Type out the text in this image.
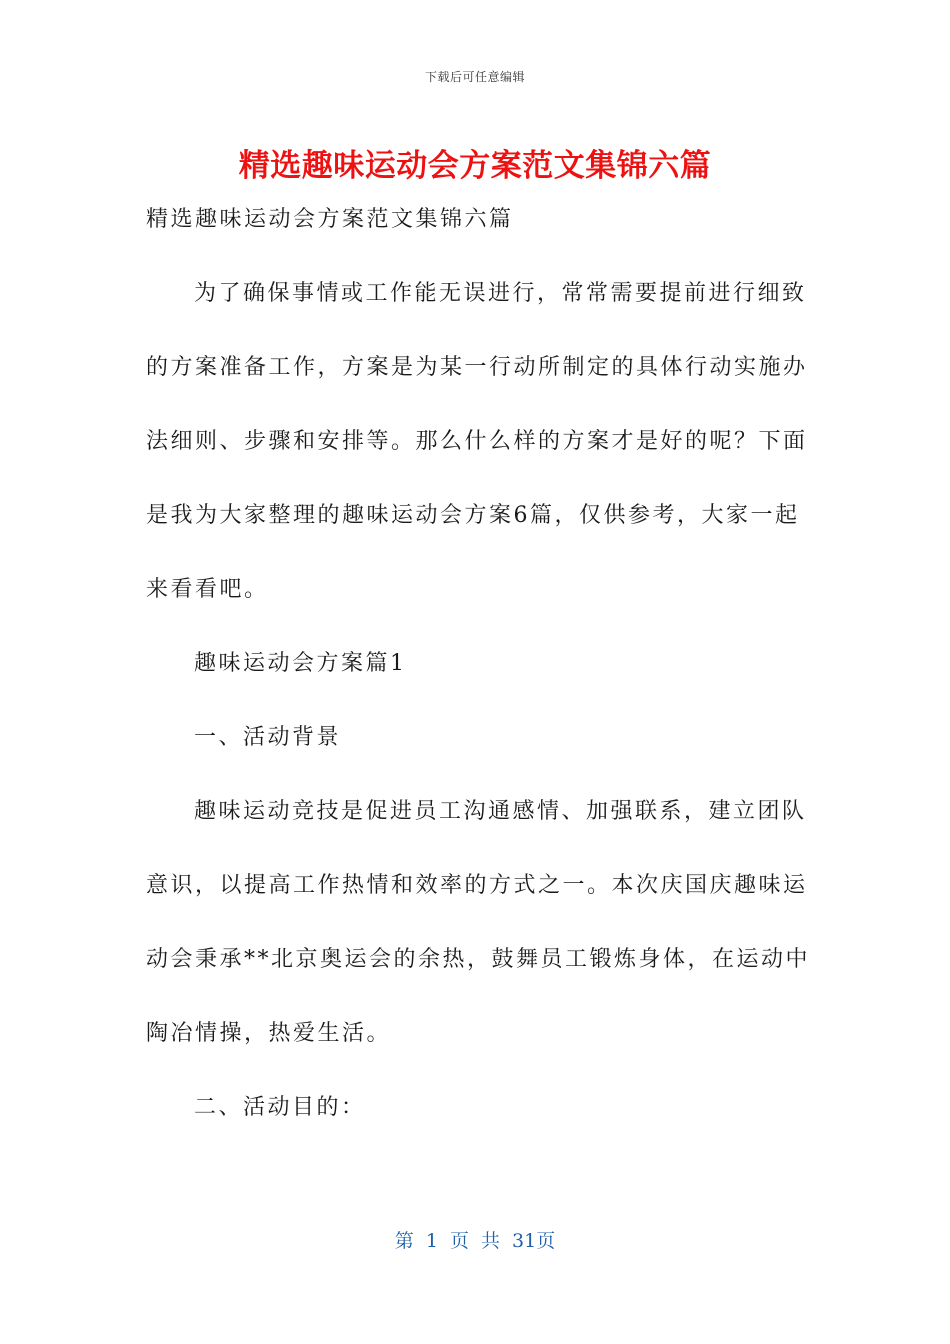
下载后可任意编辑
精选趣味运动会方案范文集锦六篇
精选趣味运动会方案范文集锦六篇
为了确保事情或工作能无误进行，常常需要提前进行细致
的方案准备工作，方案是为某一行动所制定的具体行动实施办
法细则、步骤和安排等。那么什么样的方案才是好的呢？下面
是我为大家整理的趣味运动会方案6篇，仅供参考，大家一起
来看看吧。
趣味运动会方案篇1
一、活动背景
趣味运动竞技是促进员工沟通感情、加强联系，建立团队
意识，以提高工作热情和效率的方式之一。本次庆国庆趣味运
动会秉承**北京奥运会的余热，鼓舞员工锻炼身体，在运动中
陶冶情操，热爱生活。
二、活动目的：
第 1 页 共 31页
